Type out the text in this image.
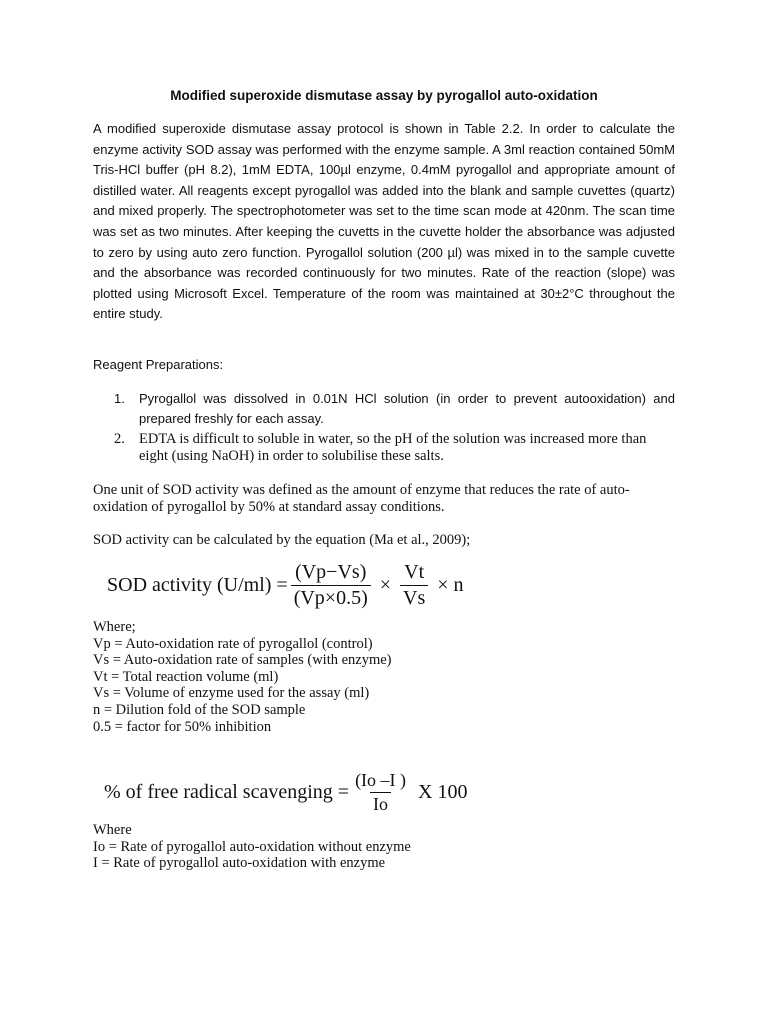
Modified superoxide dismutase assay by pyrogallol auto-oxidation
A modified superoxide dismutase assay protocol is shown in Table 2.2. In order to calculate the enzyme activity SOD assay was performed with the enzyme sample. A 3ml reaction contained 50mM Tris-HCl buffer (pH 8.2), 1mM EDTA, 100µl enzyme, 0.4mM pyrogallol and appropriate amount of distilled water. All reagents except pyrogallol was added into the blank and sample cuvettes (quartz) and mixed properly. The spectrophotometer was set to the time scan mode at 420nm. The scan time was set as two minutes. After keeping the cuvetts in the cuvette holder the absorbance was adjusted to zero by using auto zero function. Pyrogallol solution (200 µl) was mixed in to the sample cuvette and the absorbance was recorded continuously for two minutes. Rate of the reaction (slope) was plotted using Microsoft Excel. Temperature of the room was maintained at 30±2°C throughout the entire study.
Reagent Preparations:
1. Pyrogallol was dissolved in 0.01N HCl solution (in order to prevent autooxidation) and prepared freshly for each assay.
2. EDTA is difficult to soluble in water, so the pH of the solution was increased more than eight (using NaOH) in order to solubilise these salts.
One unit of SOD activity was defined as the amount of enzyme that reduces the rate of auto-oxidation of pyrogallol by 50% at standard assay conditions.
SOD activity can be calculated by the equation (Ma et al., 2009);
SOD activity $(U/ml) = \frac{(Vp-Vs)}{(Vp\times 0.5)} \times \frac{Vt}{Vs} \times n$
Where;
Vp = Auto-oxidation rate of pyrogallol (control)
Vs = Auto-oxidation rate of samples (with enzyme)
Vt = Total reaction volume (ml)
Vs = Volume of enzyme used for the assay (ml)
n = Dilution fold of the SOD sample
0.5 = factor for 50% inhibition
% of free radical scavenging = $\frac{(Io -I )}{Io}$ X 100
Where
Io = Rate of pyrogallol auto-oxidation without enzyme
I = Rate of pyrogallol auto-oxidation with enzyme
